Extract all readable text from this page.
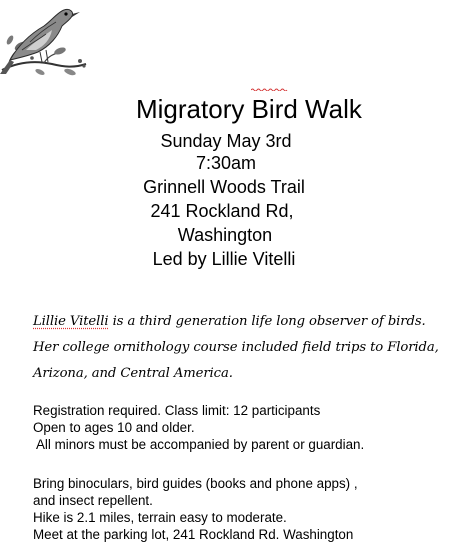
Migratory Bird Walk
Sunday May 3rd
7:30am
Grinnell Woods Trail
241 Rockland Rd,
Washington
Led by Lillie Vitelli
Lillie Vitelli is a third generation life long observer of birds. Her college ornithology course included field trips to Florida, Arizona, and Central America.
Registration required. Class limit: 12 participants
Open to ages 10 and older.
All minors must be accompanied by parent or guardian.
Bring binoculars, bird guides (books and phone apps) ,
and insect repellent.
Hike is 2.1 miles, terrain easy to moderate.
Meet at the parking lot, 241 Rockland Rd. Washington
